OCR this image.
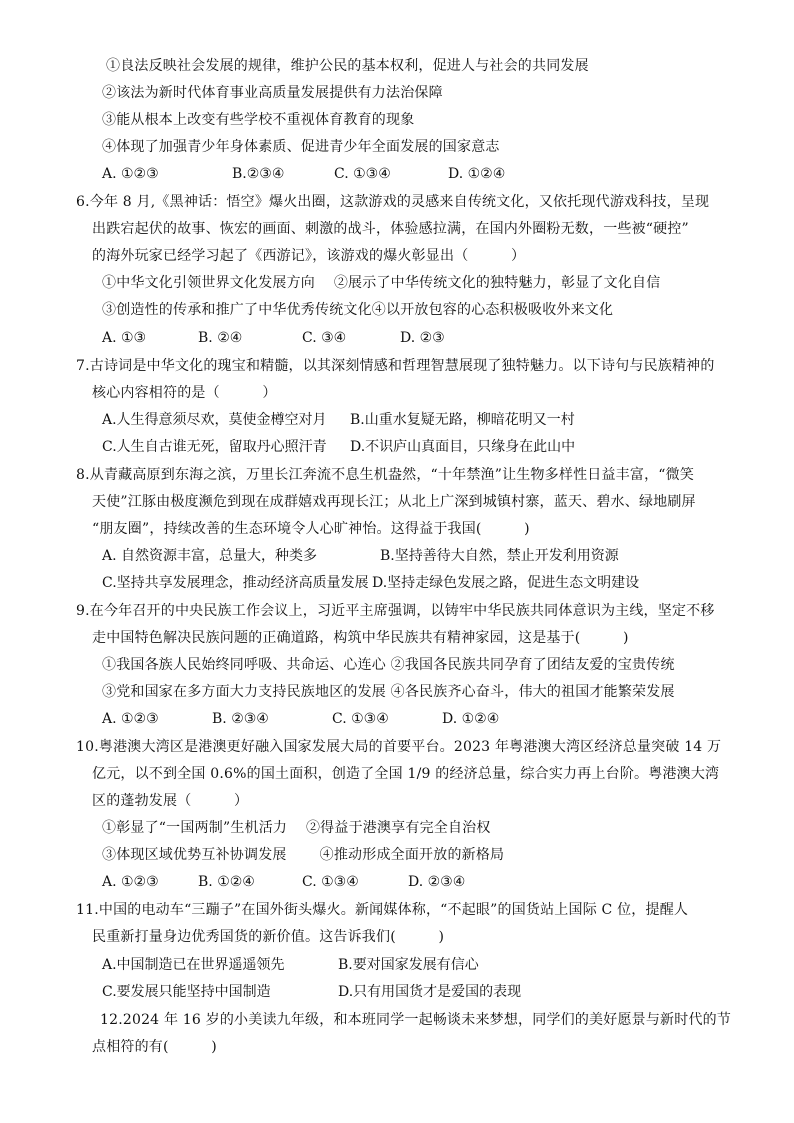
①良法反映社会发展的规律，维护公民的基本权利，促进人与社会的共同发展
②该法为新时代体育事业高质量发展提供有力法治保障
③能从根本上改变有些学校不重视体育教育的现象
④体现了加强青少年身体素质、促进青少年全面发展的国家意志
A. ①②③	B.②③④	C. ①③④	D. ①②④
6.今年 8 月,《黑神话：悟空》爆火出圈，这款游戏的灵感来自传统文化，又依托现代游戏科技，呈现
出跌宕起伏的故事、恢宏的画面、刺激的战斗，体验感拉满，在国内外圈粉无数，一些被“硬控”
的海外玩家已经学习起了《西游记》，该游戏的爆火彰显出（　　　）
①中华文化引领世界文化发展方向　 ②展示了中华传统文化的独特魅力，彰显了文化自信
③创造性的传承和推广了中华优秀传统文化④以开放包容的心态积极吸收外来文化
A. ①③	B. ②④	C. ③④	D. ②③
7.古诗词是中华文化的瑰宝和精髓，以其深刻情感和哲理智慧展现了独特魅力。以下诗句与民族精神的
核心内容相符的是（　　　）
A.人生得意须尽欢，莫使金樽空对月 B.山重水复疑无路，柳暗花明又一村
C.人生自古谁无死，留取丹心照汗青 D.不识庐山真面目，只缘身在此山中
8.从青藏高原到东海之滨，万里长江奔流不息生机盎然，“十年禁渔”让生物多样性日益丰富，“微笑
天使”江豚由极度濒危到现在成群嬉戏再现长江；从北上广深到城镇村寨，蓝天、碧水、绿地刷屏
“朋友圈”，持续改善的生态环境令人心旷神怡。这得益于我国(　　　)
A. 自然资源丰富，总量大，种类多	B.坚持善待大自然，禁止开发利用资源
C.坚持共享发展理念，推动经济高质量发展 D.坚持走绿色发展之路，促进生态文明建设
9.在今年召开的中央民族工作会议上，习近平主席强调，以铸牢中华民族共同体意识为主线，坚定不移
走中国特色解决民族问题的正确道路，构筑中华民族共有精神家园，这是基于(　　　)
①我国各族人民始终同呼吸、共命运、心连心 ②我国各民族共同孕育了团结友爱的宝贵传统
③党和国家在多方面大力支持民族地区的发展 ④各民族齐心奋斗，伟大的祖国才能繁荣发展
A. ①②③	B. ②③④	C. ①③④	D. ①②④
10.粤港澳大湾区是港澳更好融入国家发展大局的首要平台。2023 年粤港澳大湾区经济总量突破 14 万
亿元，以不到全国 0.6%的国土面积，创造了全国 1/9 的经济总量，综合实力再上台阶。粤港澳大湾
区的蓬勃发展（　　　）
①彰显了“一国两制”生机活力　 ②得益于港澳享有完全自治权
③体现区域优势互补协调发展　　 ④推动形成全面开放的新格局
A. ①②③	B. ①②④	C. ①③④	D. ②③④
11.中国的电动车“三蹦子”在国外街头爆火。新闻媒体称，“不起眼”的国货站上国际 C 位，提醒人
民重新打量身边优秀国货的新价值。这告诉我们(　　　)
A.中国制造已在世界遥遥领先	B.要对国家发展有信心
C.要发展只能坚持中国制造	D.只有用国货才是爱国的表现
12.2024 年 16 岁的小美读九年级，和本班同学一起畅谈未来梦想，同学们的美好愿景与新时代的节
点相符的有(　　　)
